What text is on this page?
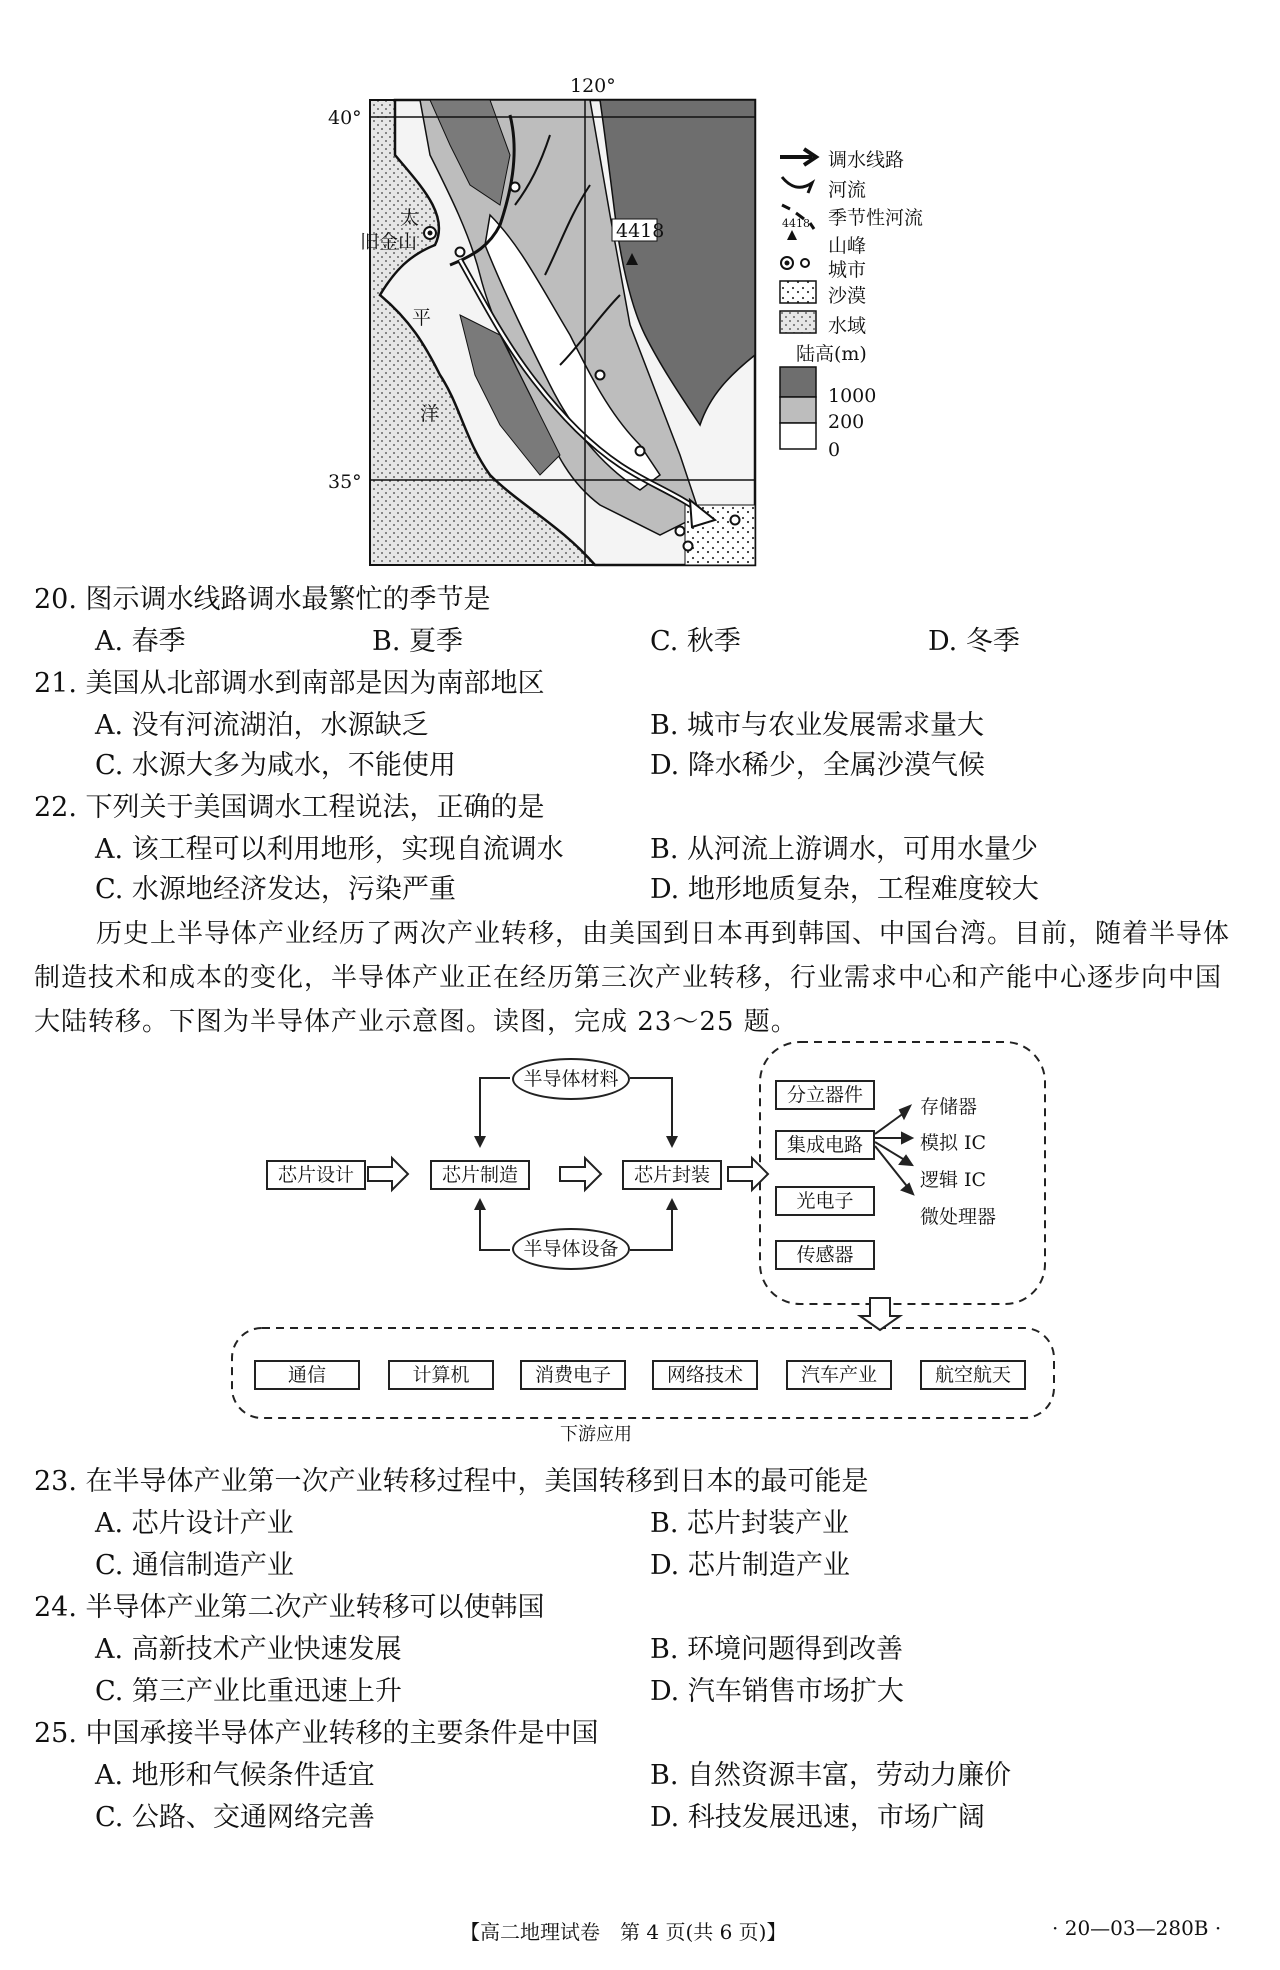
120°
40°
35°
太
平
洋
旧金山	4418
调水线路
河流
季节性河流
4418
山峰
城市
沙漠
水域
陆高(m)
1000
200
0
20. 图示调水线路调水最繁忙的季节是
A. 春季	B. 夏季	C. 秋季	D. 冬季
21. 美国从北部调水到南部是因为南部地区
A. 没有河流湖泊，水源缺乏	B. 城市与农业发展需求量大
C. 水源大多为咸水，不能使用	D. 降水稀少，全属沙漠气候
22. 下列关于美国调水工程说法，正确的是
A. 该工程可以利用地形，实现自流调水	B. 从河流上游调水，可用水量少
C. 水源地经济发达，污染严重	D. 地形地质复杂，工程难度较大
历史上半导体产业经历了两次产业转移，由美国到日本再到韩国、中国台湾。目前，随着半导体制造技术和成本的变化，半导体产业正在经历第三次产业转移，行业需求中心和产能中心逐步向中国大陆转移。下图为半导体产业示意图。读图，完成 23～25 题。
半导体材料
半导体设备
芯片设计	芯片制造	芯片封装
分立器件
集成电路
光电子
传感器
存储器
模拟 IC
逻辑 IC
微处理器
通信	计算机	消费电子	网络技术	汽车产业	航空航天
下游应用
23. 在半导体产业第一次产业转移过程中，美国转移到日本的最可能是
A. 芯片设计产业	B. 芯片封装产业
C. 通信制造产业	D. 芯片制造产业
24. 半导体产业第二次产业转移可以使韩国
A. 高新技术产业快速发展	B. 环境问题得到改善
C. 第三产业比重迅速上升	D. 汽车销售市场扩大
25. 中国承接半导体产业转移的主要条件是中国
A. 地形和气候条件适宜	B. 自然资源丰富，劳动力廉价
C. 公路、交通网络完善	D. 科技发展迅速，市场广阔
【高二地理试卷　第 4 页(共 6 页)】	· 20—03—280B ·
